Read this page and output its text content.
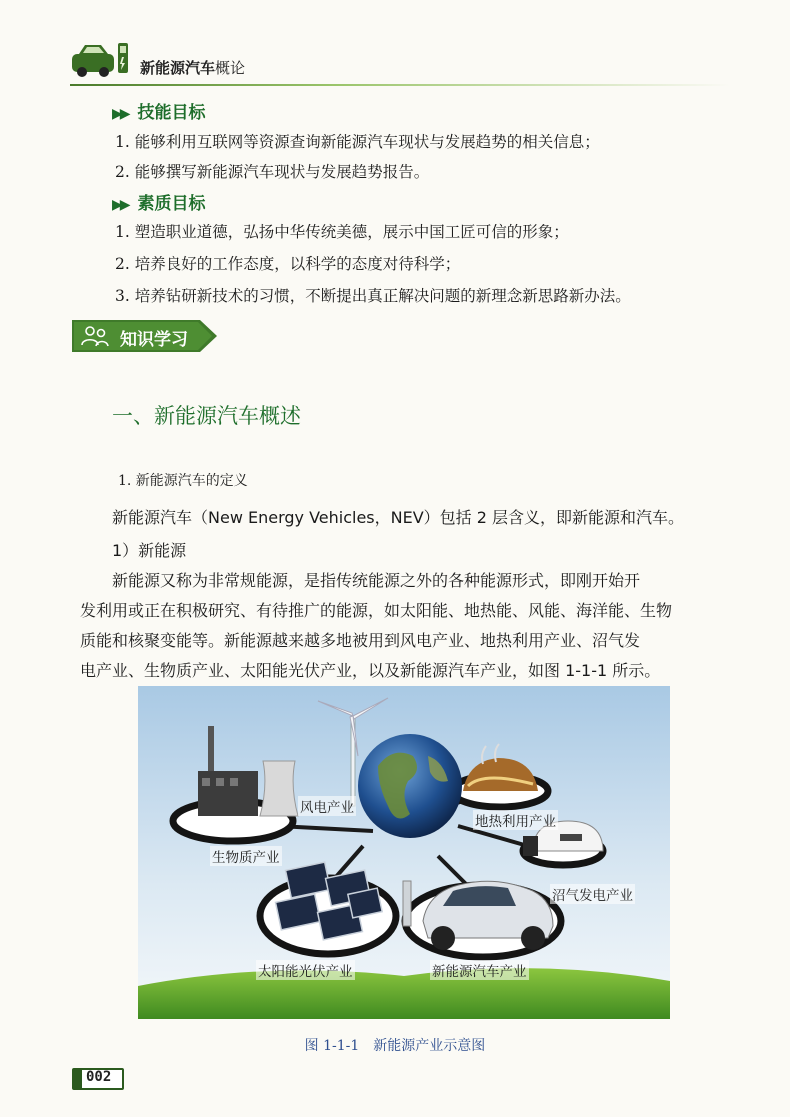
新能源汽车概论
▶▶ 技能目标
1. 能够利用互联网等资源查询新能源汽车现状与发展趋势的相关信息；
2. 能够撰写新能源汽车现状与发展趋势报告。
▶▶ 素质目标
1. 塑造职业道德，弘扬中华传统美德，展示中国工匠可信的形象；
2. 培养良好的工作态度，以科学的态度对待科学；
3. 培养钻研新技术的习惯，不断提出真正解决问题的新理念新思路新办法。
知识学习
一、新能源汽车概述
1. 新能源汽车的定义
新能源汽车（New Energy Vehicles，NEV）包括 2 层含义，即新能源和汽车。
1）新能源
新能源又称为非常规能源，是指传统能源之外的各种能源形式，即刚开始开
发利用或正在积极研究、有待推广的能源，如太阳能、地热能、风能、海洋能、生物
质能和核聚变能等。新能源越来越多地被用到风电产业、地热利用产业、沼气发
电产业、生物质产业、太阳能光伏产业，以及新能源汽车产业，如图 1-1-1 所示。
风电产业
地热利用产业
生物质产业
沼气发电产业
太阳能光伏产业	新能源汽车产业
图 1-1-1　新能源产业示意图
002
